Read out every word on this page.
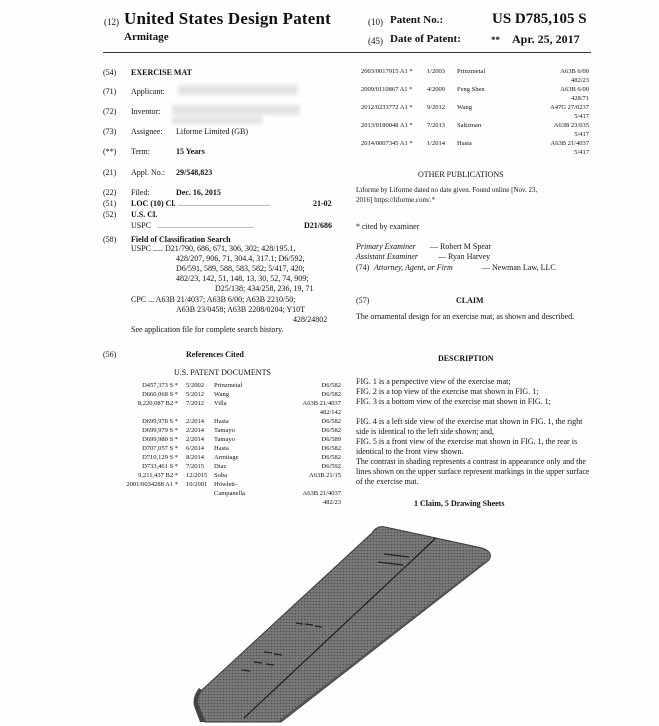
(12) United States Design Patent
Armitage
(10) Patent No.:	US D785,105 S
(45) Date of Patent:	** Apr. 25, 2017
(54) EXERCISE MAT
(71) Applicant:
(72) Inventor:
(73) Assignee: Liforme Limited (GB)
(**) Term:	15 Years
(21) Appl. No.: 29/548,823
(22) Filed:	Dec. 16, 2015
(51) LOC (10) Cl. ..............................................	21-02
(52) U.S. Cl.
USPC ................................................	D21/686
(58) Field of Classification Search
USPC ..... D21/790, 686, 671, 306, 302; 428/195.1,
428/207, 906, 71, 304.4, 317.1; D6/592,
D6/591, 589, 588, 583, 582; 5/417, 420;
482/23, 142, 51, 148, 13, 30, 52, 74, 909;
D25/138; 434/258, 236, 19, 71
CPC ... A63B 21/4037; A63B 6/00; A63B 2210/50;
A63B 23/0458; A63B 2208/0204; Y10T
428/24802
See application file for complete search history.
(56)	References Cited
U.S. PATENT DOCUMENTS
D457,373 S * 5/2002 Prinzmetal	D6/582
D660,068 S * 5/2012 Wang	D6/582
8,220,087 B2 * 7/2012 Villa	A63B 21/4037
482/142
D699,978 S * 2/2014 Hasta	D6/582
D699,979 S * 2/2014 Tamayo	D6/582
D699,980 S * 2/2014 Tamayo	D6/589
D707,057 S * 6/2014 Hasta	D6/582
D710,129 S * 8/2014 Armitage	D6/582
D733,461 S * 7/2015 Diaz	D6/592
9,211,437 B2 * 12/2015 Soba	A63B 21/15
2001/0034288 A1 * 10/2001 Howlett-
Campanella	A63B 21/4037
482/23
2003/0017915 A1 * 1/2003 Prinzmetal	A63B 6/00
482/23
2009/0110867 A1 * 4/2009 Feng Shen	A63B 6/00
428/71
2012/0233772 A1 * 9/2012 Wang	A47G 27/0237
5/417
2013/0180048 A1 * 7/2013 Saltzman	A63B 23/035
5/417
2014/0007345 A1 * 1/2014 Hasta	A63B 21/4037
5/417
OTHER PUBLICATIONS
Liforme by Liforme dated no date given. Found online [Nov. 23,
2016] https://liforme.com/.*
* cited by examiner
Primary Examiner — Robert M Spear
Assistant Examiner	— Ryan Harvey
(74) Attorney, Agent, or Firm	— Newman Law, LLC
(57)	CLAIM
The ornamental design for an exercise mat, as shown and described.
DESCRIPTION
FIG. 1 is a perspective view of the exercise mat;
FIG. 2 is a top view of the exercise mat shown in FIG. 1;
FIG. 3 is a bottom view of the exercise mat shown in FIG. 1;
FIG. 4 is a left side view of the exercise mat shown in FIG. 1, the right side is identical to the left side shown; and,
FIG. 5 is a front view of the exercise mat shown in FIG. 1, the rear is identical to the front view shown.
The contrast in shading represents a contrast in appearance only and the lines shown on the upper surface represent markings in the upper surface of the exercise mat.
1 Claim, 5 Drawing Sheets
